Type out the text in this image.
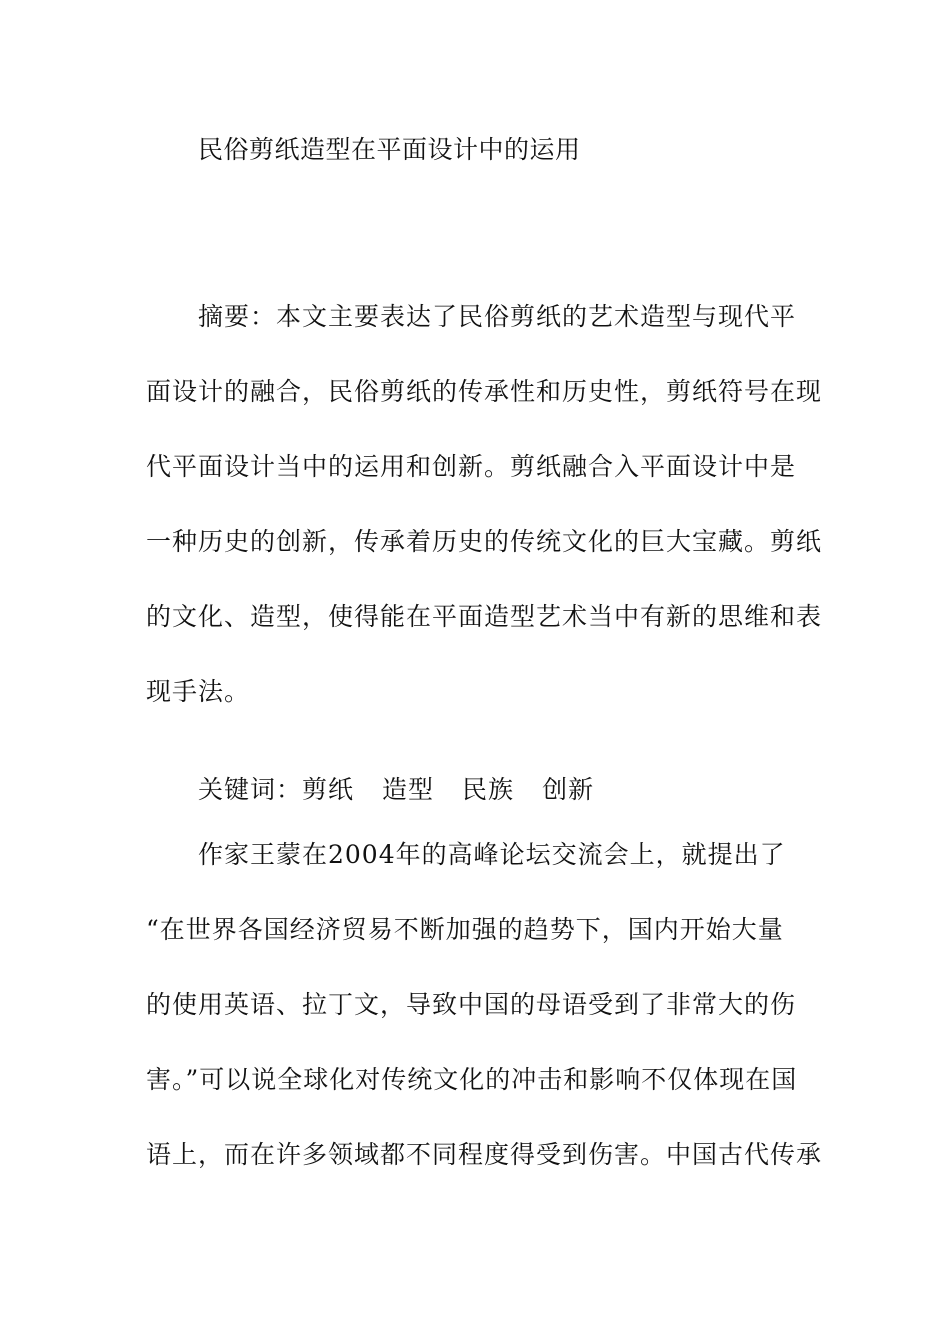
民俗剪纸造型在平面设计中的运用
摘要：本文主要表达了民俗剪纸的艺术造型与现代平
面设计的融合，民俗剪纸的传承性和历史性，剪纸符号在现
代平面设计当中的运用和创新。剪纸融合入平面设计中是
一种历史的创新，传承着历史的传统文化的巨大宝藏。剪纸
的文化、造型，使得能在平面造型艺术当中有新的思维和表
现手法。
关键词：剪纸 造型 民族 创新
作家王蒙在2004年的高峰论坛交流会上，就提出了
“在世界各国经济贸易不断加强的趋势下，国内开始大量
的使用英语、拉丁文，导致中国的母语受到了非常大的伤
害。”可以说全球化对传统文化的冲击和影响不仅体现在国
语上，而在许多领域都不同程度得受到伤害。中国古代传承
